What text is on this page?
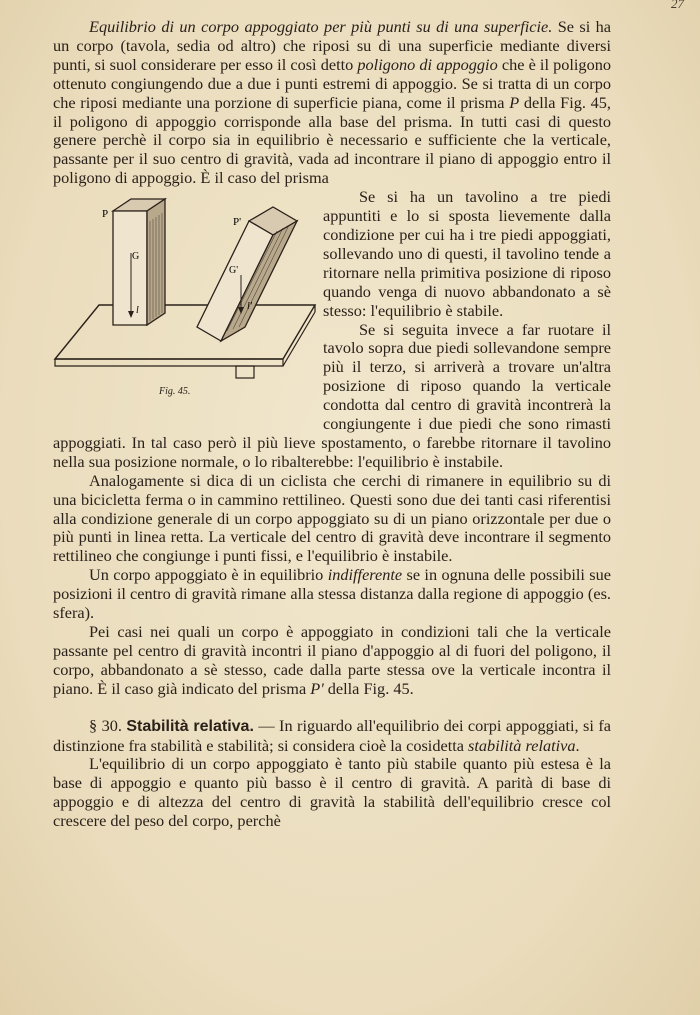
27

Equilibrio di un corpo appoggiato per più punti su di una superficie. Se si ha un corpo (tavola, sedia od altro) che riposi su di una superficie mediante diversi punti, si suol considerare per esso il così detto poligono di appoggio che è il poligono ottenuto congiungendo due a due i punti estremi di appoggio. Se si tratta di un corpo che riposi mediante una porzione di superficie piana, come il prisma P della Fig. 45, il poligono di appoggio corrisponde alla base del prisma. In tutti casi di questo genere perchè il corpo sia in equilibrio è necessario e sufficiente che la verticale, passante per il suo centro di gravità, vada ad incontrare il piano di appoggio entro il poligono di appoggio. È il caso del prisma

P
P'
G
G'
l	l'
Fig. 45.

Se si ha un tavolino a tre piedi appuntiti e lo si sposta lievemente dalla condizione per cui ha i tre piedi appoggiati, sollevando uno di questi, il tavolino tende a ritornare nella primitiva posizione di riposo quando venga di nuovo abbandonato a sè stesso: l'equilibrio è stabile.

Se si seguita invece a far ruotare il tavolo sopra due piedi sollevandone sempre più il terzo, si arriverà a trovare un'altra posizione di riposo quando la verticale condotta dal centro di gravità incontrerà la congiungente i due piedi che sono rimasti appoggiati. In tal caso però il più lieve spostamento, o farebbe ritornare il tavolino nella sua posizione normale, o lo ribalterebbe: l'equilibrio è instabile.

Analogamente si dica di un ciclista che cerchi di rimanere in equilibrio su di una bicicletta ferma o in cammino rettilineo. Questi sono due dei tanti casi riferentisi alla condizione generale di un corpo appoggiato su di un piano orizzontale per due o più punti in linea retta. La verticale del centro di gravità deve incontrare il segmento rettilineo che congiunge i punti fissi, e l'equilibrio è instabile.

Un corpo appoggiato è in equilibrio indifferente se in ognuna delle possibili sue posizioni il centro di gravità rimane alla stessa distanza dalla regione di appoggio (es. sfera).

Pei casi nei quali un corpo è appoggiato in condizioni tali che la verticale passante pel centro di gravità incontri il piano d'appoggio al di fuori del poligono, il corpo, abbandonato a sè stesso, cade dalla parte stessa ove la verticale incontra il piano. È il caso già indicato del prisma P' della Fig. 45.

§ 30. Stabilità relativa. — In riguardo all'equilibrio dei corpi appoggiati, si fa distinzione fra stabilità e stabilità; si considera cioè la cosidetta stabilità relativa.

L'equilibrio di un corpo appoggiato è tanto più stabile quanto più estesa è la base di appoggio e quanto più basso è il centro di gravità. A parità di base di appoggio e di altezza del centro di gravità la stabilità dell'equilibrio cresce col crescere del peso del corpo, perchè
